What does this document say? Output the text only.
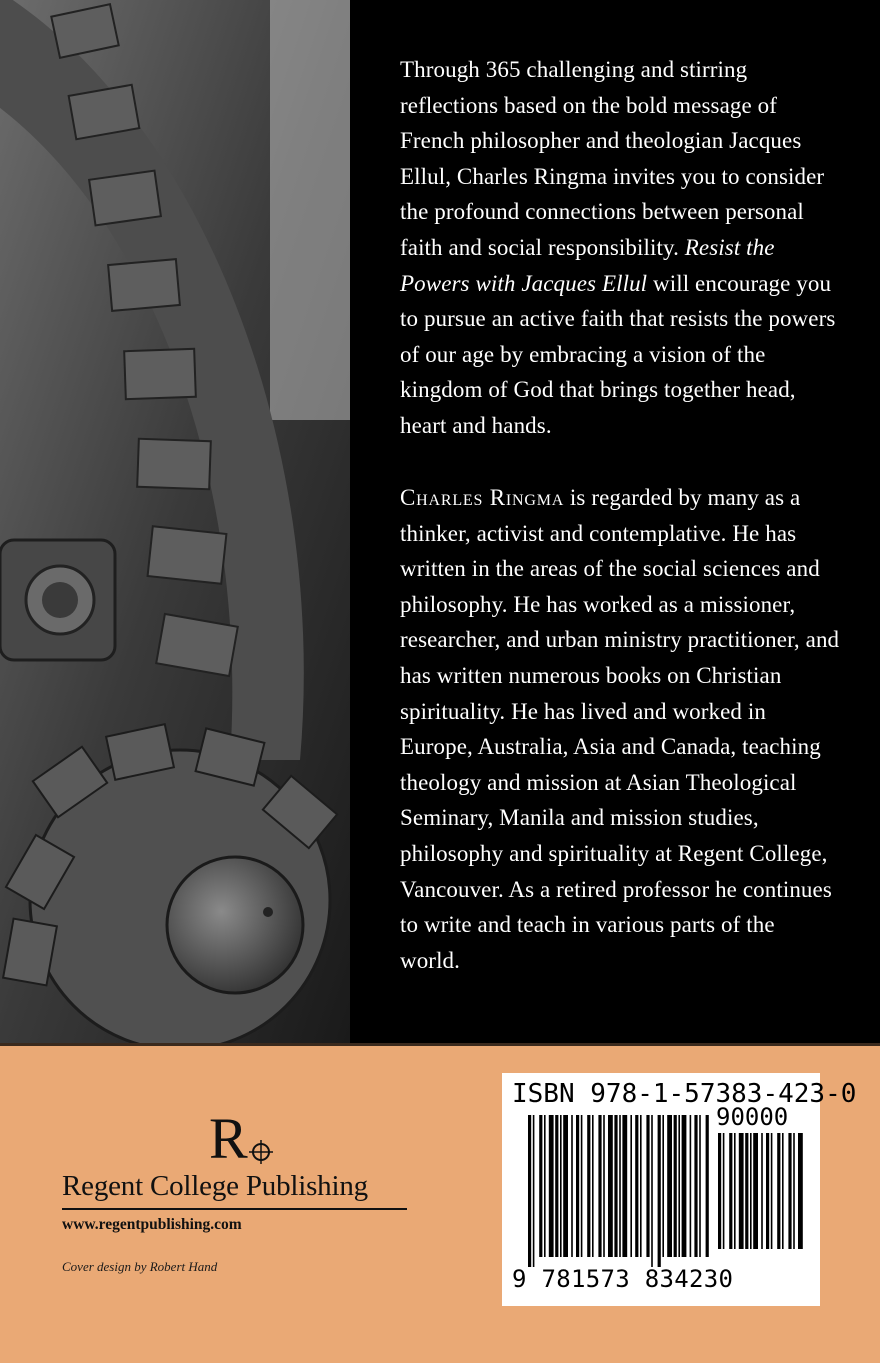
Through 365 challenging and stirring reflections based on the bold message of French philosopher and theologian Jacques Ellul, Charles Ringma invites you to consider the profound connections between personal faith and social responsibility. Resist the Powers with Jacques Ellul will encourage you to pursue an active faith that resists the powers of our age by embracing a vision of the kingdom of God that brings together head, heart and hands.

Charles Ringma is regarded by many as a thinker, activist and contemplative. He has written in the areas of the social sciences and philosophy. He has worked as a missioner, researcher, and urban ministry practitioner, and has written numerous books on Christian spirituality. He has lived and worked in Europe, Australia, Asia and Canada, teaching theology and mission at Asian Theological Seminary, Manila and mission studies, philosophy and spirituality at Regent College, Vancouver. As a retired professor he continues to write and teach in various parts of the world.

R
Regent College Publishing
www.regentpublishing.com
Cover design by Robert Hand
ISBN 978-1-57383-423-0
90000
9 781573 834230
